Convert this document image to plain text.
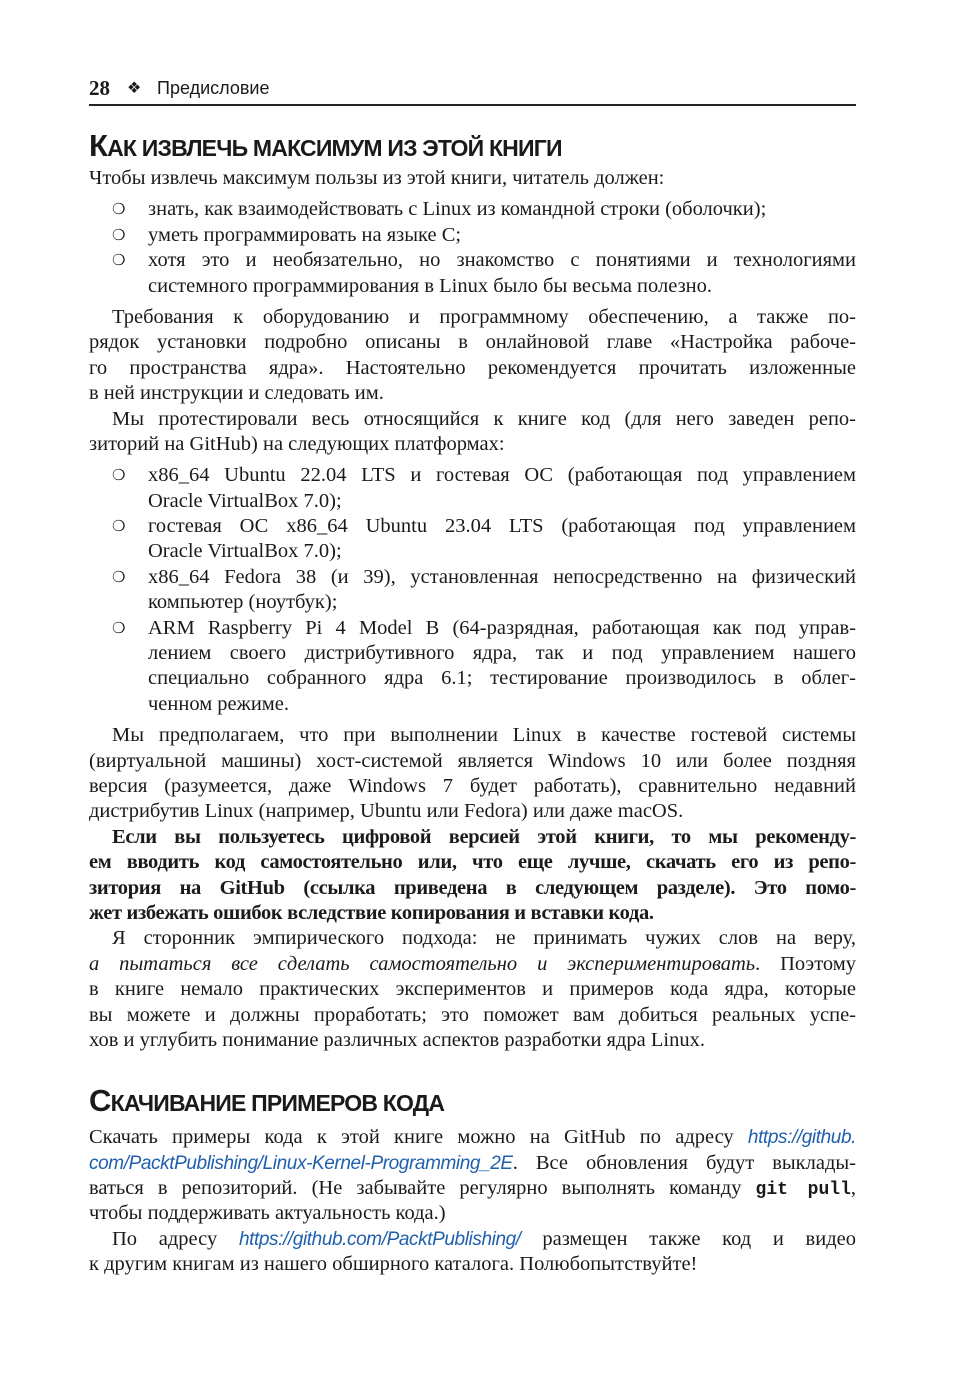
28	❖ Предисловие
КАК ИЗВЛЕЧЬ МАКСИМУМ ИЗ ЭТОЙ КНИГИ
Чтобы извлечь максимум пользы из этой книги, читатель должен:
❍ знать, как взаимодействовать с Linux из командной строки (оболочки);
❍ уметь программировать на языке C;
❍ хотя это и необязательно, но знакомство с понятиями и технологиями
системного программирования в Linux было бы весьма полезно.
Требования к оборудованию и программному обеспечению, а также по-
рядок установки подробно описаны в онлайновой главе «Настройка рабоче-
го пространства ядра». Настоятельно рекомендуется прочитать изложенные
в ней инструкции и следовать им.
Мы протестировали весь относящийся к книге код (для него заведен репо-
зиторий на GitHub) на следующих платформах:
❍ x86_64 Ubuntu 22.04 LTS и гостевая ОС (работающая под управлением
Oracle VirtualBox 7.0);
❍ гостевая ОС x86_64 Ubuntu 23.04 LTS (работающая под управлением
Oracle VirtualBox 7.0);
❍ x86_64 Fedora 38 (и 39), установленная непосредственно на физический
компьютер (ноутбук);
❍ ARM Raspberry Pi 4 Model B (64-разрядная, работающая как под управ-
лением своего дистрибутивного ядра, так и под управлением нашего
специально собранного ядра 6.1; тестирование производилось в облег-
ченном режиме.
Мы предполагаем, что при выполнении Linux в качестве гостевой системы
(виртуальной машины) хост-системой является Windows 10 или более поздняя
версия (разумеется, даже Windows 7 будет работать), сравнительно недавний
дистрибутив Linux (например, Ubuntu или Fedora) или даже macOS.
Если вы пользуетесь цифровой версией этой книги, то мы рекоменду-
ем вводить код самостоятельно или, что еще лучше, скачать его из репо-
зитория на GitHub (ссылка приведена в следующем разделе). Это помо-
жет избежать ошибок вследствие копирования и вставки кода.
Я сторонник эмпирического подхода: не принимать чужих слов на веру,
а пытаться все сделать самостоятельно и экспериментировать. Поэтому
в книге немало практических экспериментов и примеров кода ядра, которые
вы можете и должны проработать; это поможет вам добиться реальных успе-
хов и углубить понимание различных аспектов разработки ядра Linux.
СКАЧИВАНИЕ ПРИМЕРОВ КОДА
Скачать примеры кода к этой книге можно на GitHub по адресу https://github.
com/PacktPublishing/Linux-Kernel-Programming_2E. Все обновления будут выклады-
ваться в репозиторий. (Не забывайте регулярно выполнять команду git pull,
чтобы поддерживать актуальность кода.)
По адресу https://github.com/PacktPublishing/ размещен также код и видео
к другим книгам из нашего обширного каталога. Полюбопытствуйте!
